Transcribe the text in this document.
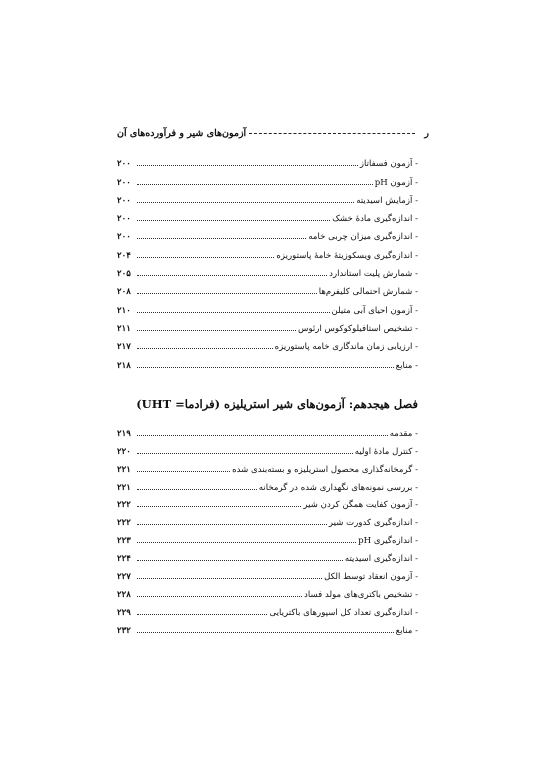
ر
آزمون‌های شیر و فرآورده‌های آن
- آزمون فسفاتاز
۲۰۰
- آزمون pH
۲۰۰
- آزمایش اسیدیته
۲۰۰
- اندازه‌گیری مادهٔ خشک
۲۰۰
- اندازه‌گیری میزان چربی خامه
۲۰۰
- اندازه‌گیری ویسکوزیتهٔ خامهٔ پاستوریزه
۲۰۴
- شمارش پلیت استاندارد
۲۰۵
- شمارش احتمالی کلیفرم‌ها
۲۰۸
- آزمون احیای آبی متیلن
۲۱۰
- تشخیص استافیلوکوکوس ارئوس
۲۱۱
- ارزیابی زمان ماندگاری خامه پاستوریزه
۲۱۷
- منابع
۲۱۸
فصل هیجدهم: آزمون‌های شیر استریلیزه (فرادما= UHT)
- مقدمه
۲۱۹
- کنترل مادهٔ اولیه
۲۲۰
- گرمخانه‌گذاری محصول استریلیزه و بسته‌بندی شده
۲۲۱
- بررسی نمونه‌های نگهداری شده در گرمخانه
۲۲۱
- آزمون کفایت همگن کردن شیر
۲۲۲
- اندازه‌گیری کدورت شیر
۲۲۲
- اندازه‌گیری pH
۲۲۳
- اندازه‌گیری اسیدیته
۲۲۴
- آزمون انعقاد توسط الکل
۲۲۷
- تشخیص باکتری‌های مولد فساد
۲۲۸
- اندازه‌گیری تعداد کل اسپورهای باکتریایی
۲۲۹
- منابع
۲۳۲
